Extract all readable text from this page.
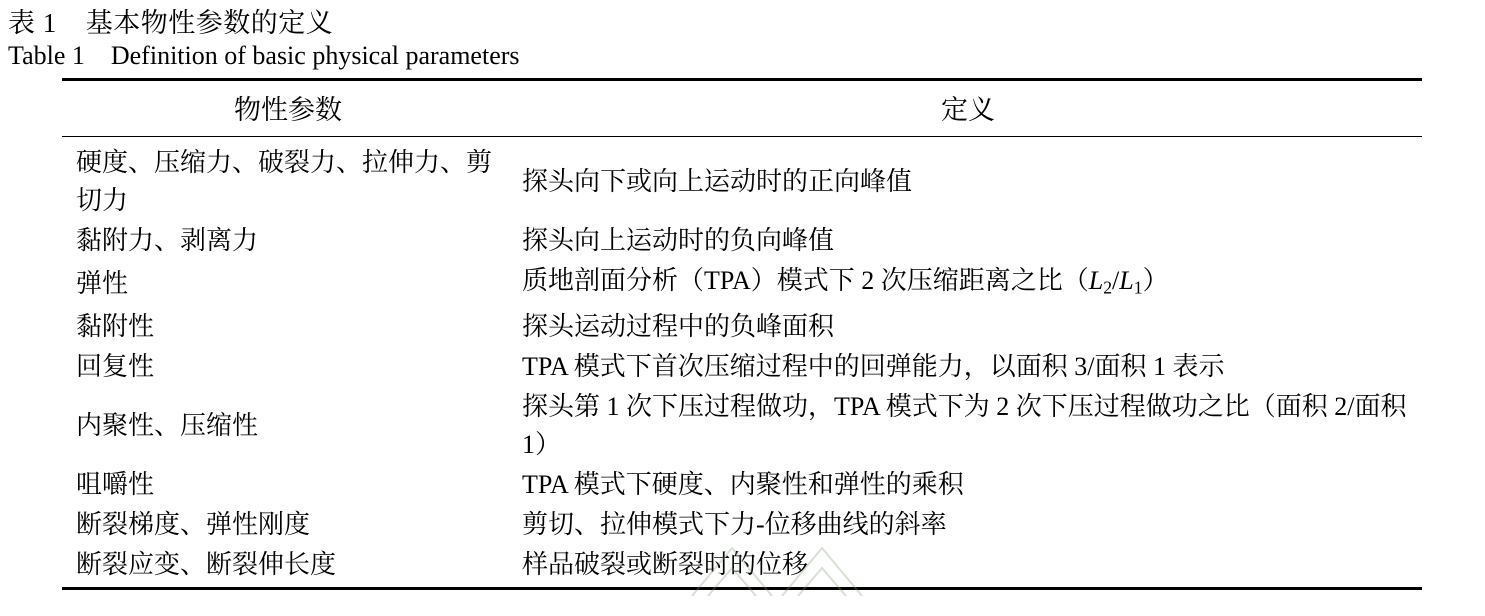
表 1    基本物性参数的定义
Table 1    Definition of basic physical parameters
物性参数	定义
硬度、压缩力、破裂力、拉伸力、剪切力	探头向下或向上运动时的正向峰值
黏附力、剥离力	探头向上运动时的负向峰值
弹性	质地剖面分析（TPA）模式下 2 次压缩距离之比$(L_2/L_1)$
黏附性	探头运动过程中的负峰面积
回复性	TPA 模式下首次压缩过程中的回弹能力，以面积 3/面积 1 表示
内聚性、压缩性	探头第 1 次下压过程做功，TPA 模式下为 2 次下压过程做功之比（面积 2/面积 1）
咀嚼性	TPA 模式下硬度、内聚性和弹性的乘积
断裂梯度、弹性刚度	剪切、拉伸模式下力-位移曲线的斜率
断裂应变、断裂伸长度	样品破裂或断裂时的位移
